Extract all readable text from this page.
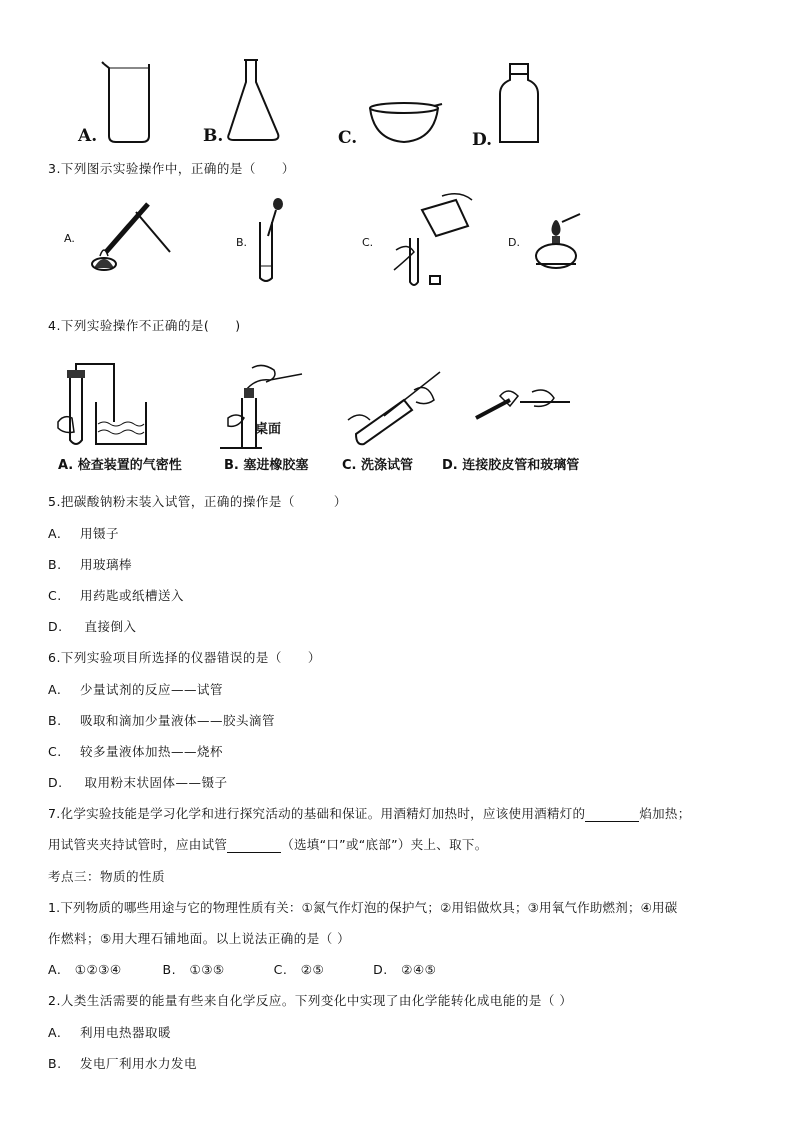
A.	B.	C.	D.
3.下列图示实验操作中，正确的是（　　）
A.	B.	C.	D.
4.下列实验操作不正确的是(　　)
桌面
A. 检查装置的气密性	B. 塞进橡胶塞	C. 洗涤试管 D. 连接胶皮管和玻璃管
5.把碳酸钠粉末装入试管，正确的操作是（　　　）
A. 用镊子
B. 用玻璃棒
C. 用药匙或纸槽送入
D. 直接倒入
6.下列实验项目所选择的仪器错误的是（　　）
A. 少量试剂的反应——试管
B. 吸取和滴加少量液体——胶头滴管
C. 较多量液体加热——烧杯
D. 取用粉末状固体——镊子
7.化学实验技能是学习化学和进行探究活动的基础和保证。用酒精灯加热时，应该使用酒精灯的	焰加热；
用试管夹夹持试管时，应由试管	（选填“口”或“底部”）夹上、取下。
考点三：物质的性质
1.下列物质的哪些用途与它的物理性质有关：①氮气作灯泡的保护气；②用铝做炊具；③用氧气作助燃剂；④用碳
作燃料；⑤用大理石铺地面。以上说法正确的是（ ）
A. ①②③④	B. ①③⑤	C. ②⑤	D. ②④⑤
2.人类生活需要的能量有些来自化学反应。下列变化中实现了由化学能转化成电能的是（ ）
A. 利用电热器取暖
B. 发电厂利用水力发电
